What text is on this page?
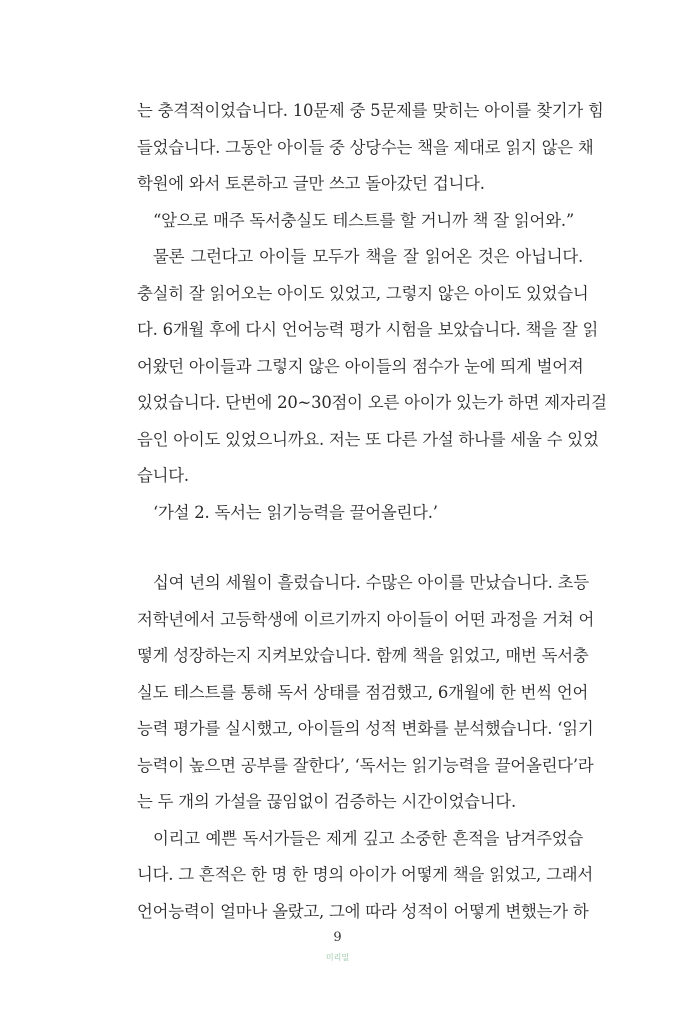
는 충격적이었습니다. 10문제 중 5문제를 맞히는 아이를 찾기가 힘
들었습니다. 그동안 아이들 중 상당수는 책을 제대로 읽지 않은 채
학원에 와서 토론하고 글만 쓰고 돌아갔던 겁니다.
“앞으로 매주 독서충실도 테스트를 할 거니까 책 잘 읽어와.”
물론 그런다고 아이들 모두가 책을 잘 읽어온 것은 아닙니다.
충실히 잘 읽어오는 아이도 있었고, 그렇지 않은 아이도 있었습니
다. 6개월 후에 다시 언어능력 평가 시험을 보았습니다. 책을 잘 읽
어왔던 아이들과 그렇지 않은 아이들의 점수가 눈에 띄게 벌어져
있었습니다. 단번에 20~30점이 오른 아이가 있는가 하면 제자리걸
음인 아이도 있었으니까요. 저는 또 다른 가설 하나를 세울 수 있었
습니다.
‘가설 2. 독서는 읽기능력을 끌어올린다.’
십여 년의 세월이 흘렀습니다. 수많은 아이를 만났습니다. 초등
저학년에서 고등학생에 이르기까지 아이들이 어떤 과정을 거쳐 어
떻게 성장하는지 지켜보았습니다. 함께 책을 읽었고, 매번 독서충
실도 테스트를 통해 독서 상태를 점검했고, 6개월에 한 번씩 언어
능력 평가를 실시했고, 아이들의 성적 변화를 분석했습니다. ‘읽기
능력이 높으면 공부를 잘한다’, ‘독서는 읽기능력을 끌어올린다’라
는 두 개의 가설을 끊임없이 검증하는 시간이었습니다.
이리고 예쁜 독서가들은 제게 깊고 소중한 흔적을 남겨주었습
니다. 그 흔적은 한 명 한 명의 아이가 어떻게 책을 읽었고, 그래서
언어능력이 얼마나 올랐고, 그에 따라 성적이 어떻게 변했는가 하
9
미리밀
